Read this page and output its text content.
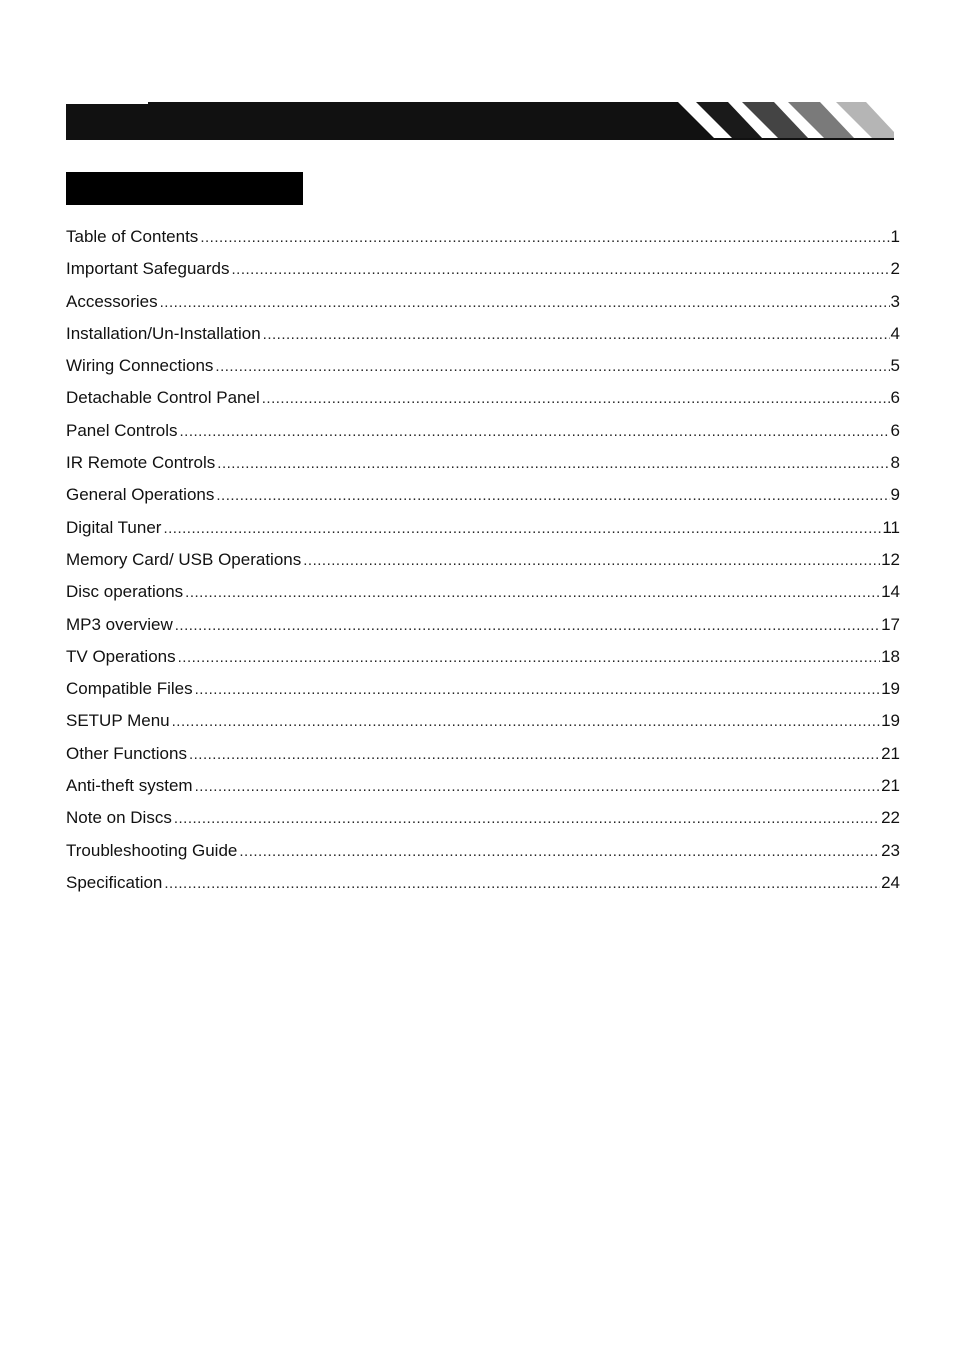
Table of Contents .....	1
Important Safeguards .....	2
Accessories .....	3
Installation/Un-Installation .....	4
Wiring Connections .....	5
Detachable Control Panel .....	6
Panel Controls .....	6
IR Remote Controls .....	8
General Operations .....	9
Digital Tuner .....	11
Memory Card/ USB Operations .....	12
Disc operations .....	14
MP3 overview .....	17
TV Operations .....	18
Compatible Files .....	19
SETUP Menu .....	19
Other Functions .....	21
Anti-theft system .....	21
Note on Discs .....	22
Troubleshooting Guide .....	23
Specification .....	24
